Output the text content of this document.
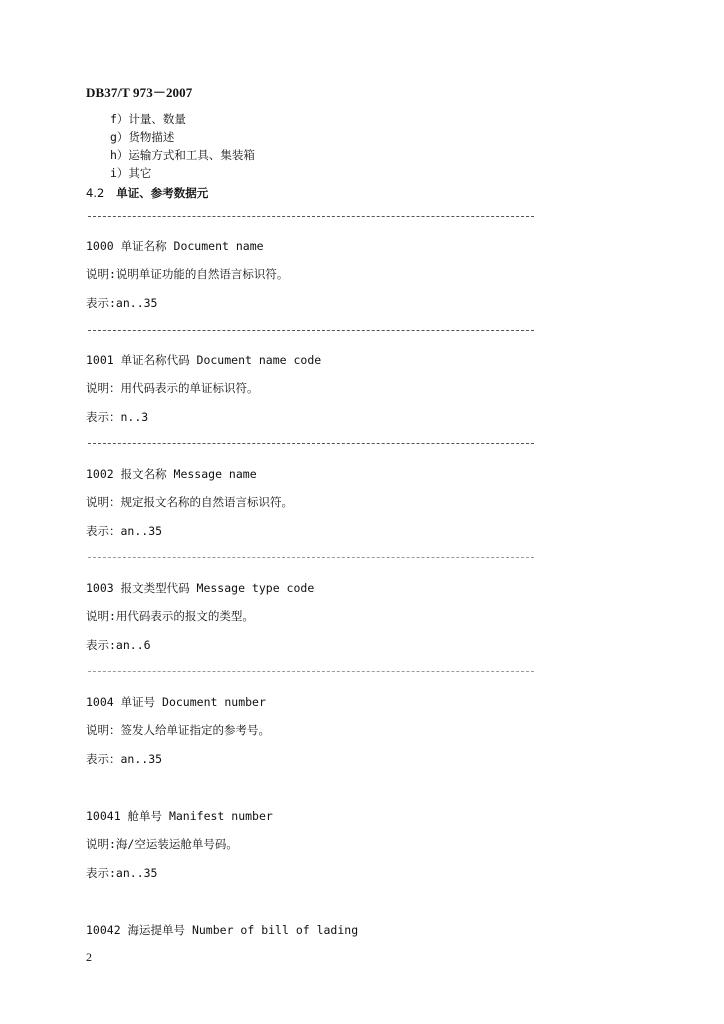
DB37/T 973－2007
f）计量、数量
g）货物描述
h）运输方式和工具、集装箱
i）其它
4.2 单证、参考数据元
1000 单证名称 Document name
说明:说明单证功能的自然语言标识符。
表示:an..35
1001 单证名称代码 Document name code
说明：用代码表示的单证标识符。
表示：n..3
1002 报文名称 Message name
说明：规定报文名称的自然语言标识符。
表示：an..35
1003 报文类型代码 Message type code
说明:用代码表示的报文的类型。
表示:an..6
1004 单证号 Document number
说明：签发人给单证指定的参考号。
表示：an..35
10041 舱单号 Manifest number
说明:海/空运装运舱单号码。
表示:an..35
10042 海运提单号 Number of bill of lading
2
